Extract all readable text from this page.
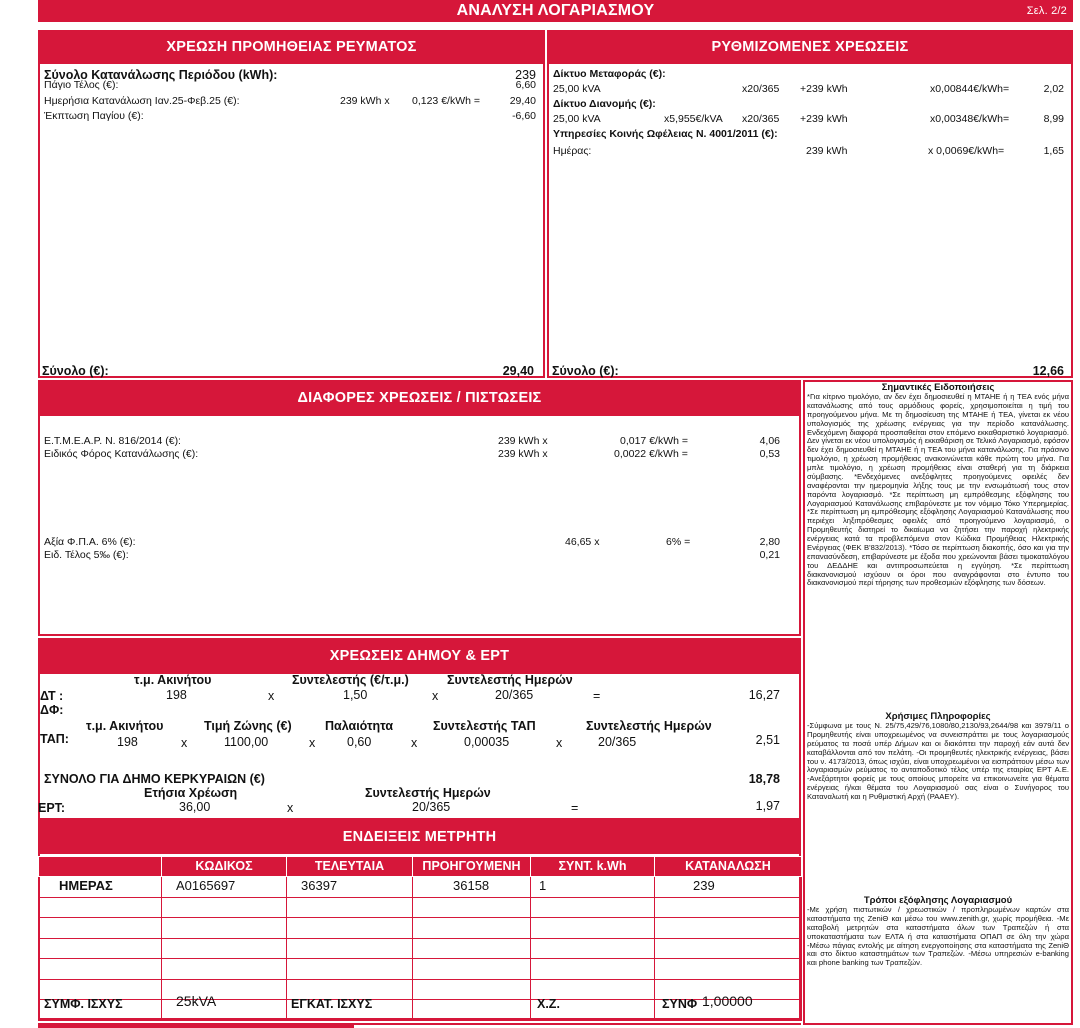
ΑΝΑΛΥΣΗ ΛΟΓΑΡΙΑΣΜΟΥ	Σελ. 2/2
ΧΡΕΩΣΗ ΠΡΟΜΗΘΕΙΑΣ ΡΕΥΜΑΤΟΣ
Σύνολο Κατανάλωσης Περιόδου (kWh):	239
Πάγιο Τέλος (€):	6,60
Ημερήσια Κατανάλωση Ιαν.25-Φεβ.25 (€):	239 kWh x 0,123 €/kWh =	29,40
Έκπτωση Παγίου (€):	-6,60
Σύνολο (€):	29,40
ΡΥΘΜΙΖΟΜΕΝΕΣ ΧΡΕΩΣΕΙΣ
Δίκτυο Μεταφοράς (€):
25,00 kVA	x20/365 +239 kWh	x0,00844€/kWh=	2,02
Δίκτυο Διανομής (€):
25,00 kVA	x5,955€/kVA x20/365 +239 kWh	x0,00348€/kWh=	8,99
Υπηρεσίες Κοινής Ωφέλειας Ν. 4001/2011 (€):
Ημέρας:	239 kWh	x 0,0069€/kWh=	1,65
Σύνολο (€):	12,66
ΔΙΑΦΟΡΕΣ ΧΡΕΩΣΕΙΣ / ΠΙΣΤΩΣΕΙΣ
Ε.Τ.Μ.Ε.Α.Ρ. Ν. 816/2014 (€):	239 kWh x	0,017 €/kWh =	4,06
Ειδικός Φόρος Κατανάλωσης (€):	239 kWh x	0,0022 €/kWh =	0,53
Αξία Φ.Π.Α. 6% (€):	46,65 x	6% =	2,80
Ειδ. Τέλος 5‰ (€):	0,21
ΧΡΕΩΣΕΙΣ ΔΗΜΟΥ & ΕΡΤ
τ.μ. Ακινήτου	Συντελεστής (€/τ.μ.)	Συντελεστής Ημερών
ΔΤ :	198	x	1,50	x	20/365	=	16,27
ΔΦ:
τ.μ. Ακινήτου	Τιμή Ζώνης (€)	Παλαιότητα	Συντελεστής ΤΑΠ	Συντελεστής Ημερών
ΤΑΠ:	198	x	1100,00	x	0,60	x	0,00035	x	20/365	2,51
ΣΥΝΟΛΟ ΓΙΑ ΔΗΜΟ ΚΕΡΚΥΡΑΙΩΝ (€)	18,78
Ετήσια Χρέωση	Συντελεστής Ημερών
ΕΡΤ:	36,00	x	20/365	=	1,97
ΕΝΔΕΙΞΕΙΣ ΜΕΤΡΗΤΗ
	ΚΩΔΙΚΟΣ	ΤΕΛΕΥΤΑΙΑ	ΠΡΟΗΓΟΥΜΕΝΗ	ΣΥΝΤ. k.Wh	ΚΑΤΑΝΑΛΩΣΗ
ΗΜΕΡΑΣ	A0165697	36397	36158	1	239

ΣΥΜΦ. ΙΣΧΥΣ	25kVA	ΕΓΚΑΤ. ΙΣΧΥΣ	Χ.Ζ.	ΣΥΝΦ 1,00000
Σημαντικές Ειδοποιήσεις

*Για κίτρινο τιμολόγιο, αν δεν έχει δημοσιευθεί η ΜΤΑΗΕ ή η ΤΕΑ ενός μήνα κατανάλωσης από τους αρμόδιους φορείς, χρησιμοποιείται η τιμή του προηγούμενου μήνα. Με τη δημοσίευση της ΜΤΑΗΕ ή ΤΕΑ, γίνεται εκ νέου υπολογισμός της χρέωσης ενέργειας για την περίοδο κατανάλωσης. Ενδεχόμενη διαφορά προσπαθείται στον επόμενο εκκαθαριστικό λογαριασμό. Δεν γίνεται εκ νέου υπολογισμός ή εκκαθάριση σε Τελικό Λογαριασμό, εφόσον δεν έχει δημοσιευθεί η ΜΤΑΗΕ ή η ΤΕΑ του μήνα κατανάλωσης. Για πράσινο τιμολόγιο, η χρέωση προμήθειας ανακοινώνεται κάθε πρώτη του μήνα. Για μπλε τιμολόγιο, η χρέωση προμήθειας είναι σταθερή για τη διάρκεια σύμβασης. *Ενδεχόμενες ανεξόφλητες προηγούμενες οφειλές δεν αναφέρονται την ημερομηνία λήξης τους με την ενσωμάτωσή τους στον παρόντα λογαριασμό. *Σε περίπτωση μη εμπρόθεσμης εξόφλησης του Λογαριασμού Κατανάλωσης επιβαρύνεστε με τον νόμιμο Τόκο Υπερημερίας. *Σε περίπτωση μη εμπρόθεσμης εξόφλησης Λογαριασμού Κατανάλωσης που περιέχει ληξιπρόθεσμες οφειλές από προηγούμενο λογαριασμό, ο Προμηθευτής διατηρεί το δικαίωμα να ζητήσει την παροχή ηλεκτρικής ενέργειας κατά τα προβλεπόμενα στον Κώδικα Προμήθειας Ηλεκτρικής Ενέργειας (ΦΕΚ Β'832/2013). *Τόσο σε περίπτωση διακοπής, όσο και για την επανασύνδεση, επιβαρύνεστε με έξοδα που χρεώνονται βάσει τιμοκαταλόγου του ΔΕΔΔΗΕ και αντιπροσωπεύεται η εγγύηση. *Σε περίπτωση διακανονισμού ισχύουν οι όροι που αναγράφονται στο έντυπο του διακανονισμού περί τήρησης των προθεσμιών εξόφλησης των δόσεων.

Χρήσιμες Πληροφορίες

-Σύμφωνα με τους Ν. 25/75,429/76,1080/80,2130/93,2644/98 και 3979/11 ο Προμηθευτής είναι υποχρεωμένος να συνεισπράττει με τους λογαριασμούς ρεύματος τα ποσά υπέρ Δήμων και οι διακόπτει την παροχή εάν αυτά δεν καταβάλλονται από τον πελάτη. -Οι προμηθευτές ηλεκτρικής ενέργειας, βάσει του ν. 4173/2013, όπως ισχύει, είναι υποχρεωμένοι να εισπράττουν μέσω των λογαριασμών ρεύματος το ανταποδοτικό τέλος υπέρ της εταιρίας ΕΡΤ Α.Ε. -Ανεξάρτητοι φορείς με τους οποίους μπορείτε να επικοινωνείτε για θέματα ενέργειας ή/και θέματα του Λογαριασμού σας είναι ο Συνήγορος του Καταναλωτή και η Ρυθμιστική Αρχή (ΡΑΑΕΥ).

Τρόποι εξόφλησης Λογαριασμού

-Με χρήση πιστωτικών / χρεωστικών / προπληρωμένων καρτών στα καταστήματα της ZeniΘ και μέσω του www.zenith.gr, χωρίς προμήθεια. -Με καταβολή μετρητών στα καταστήματα όλων των Τραπεζών ή στα υποκαταστήματα των ΕΛΤΑ ή στα καταστήματα ΟΠΑΠ σε όλη την χώρα -Μέσω πάγιας εντολής με αίτηση ενεργοποίησης στα καταστήματα της ZeniΘ και στο δίκτυο καταστημάτων των Τραπεζών. -Μέσω υπηρεσιών e-banking και phone banking των Τραπεζών.
